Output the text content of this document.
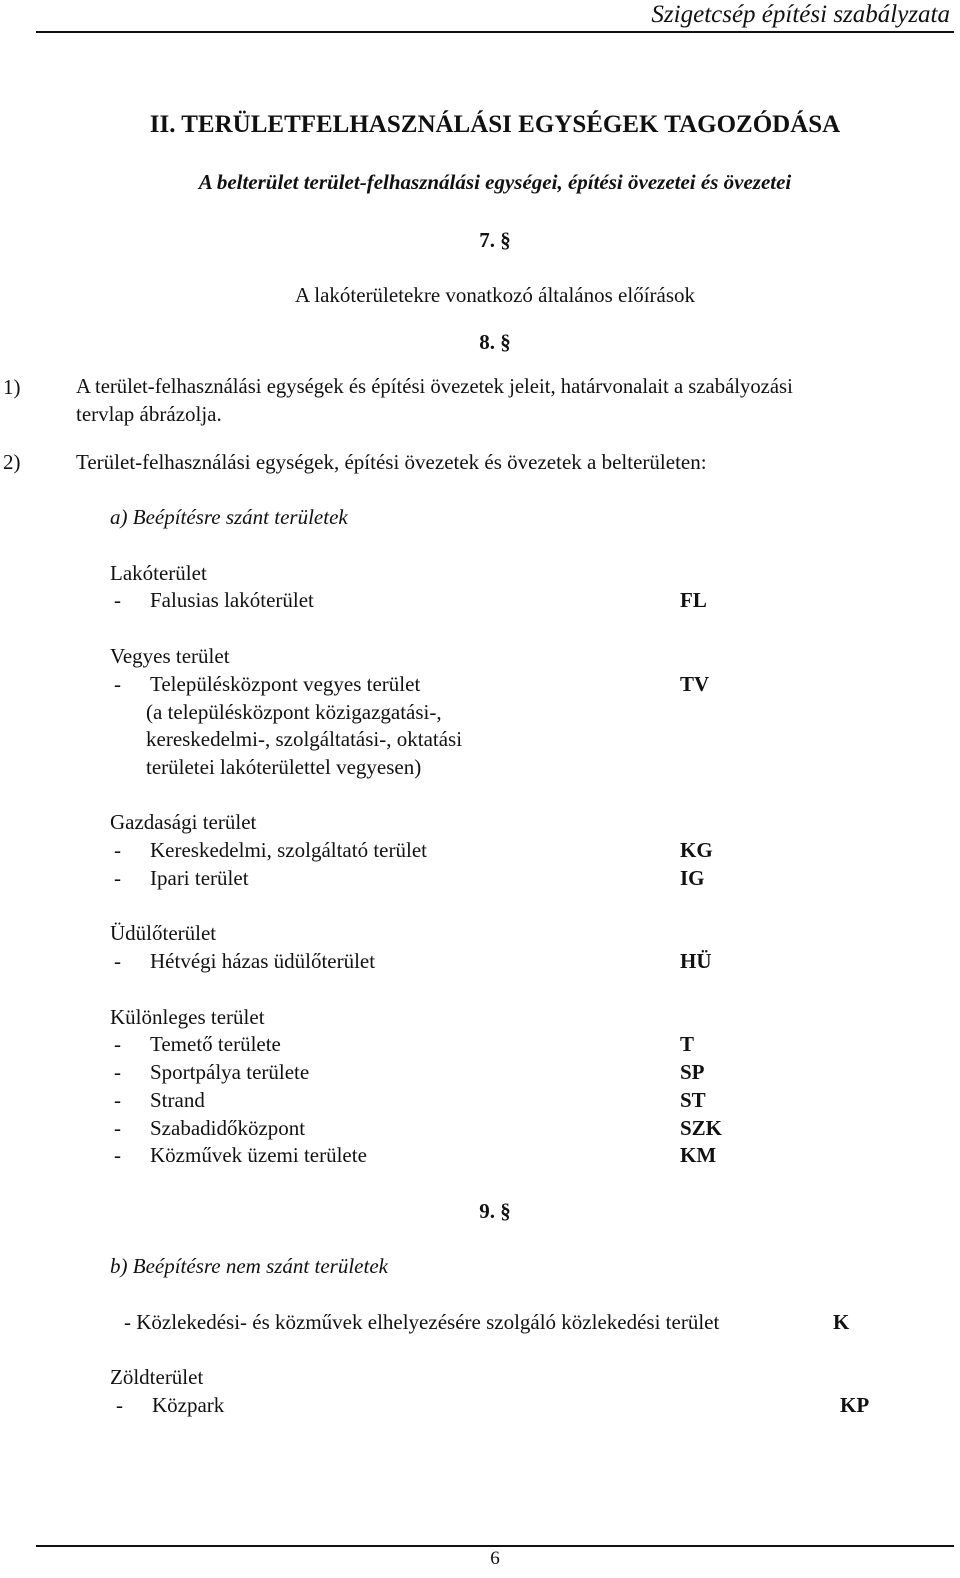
Szigetcsép építési szabályzata
II. TERÜLETFELHASZNÁLÁSI EGYSÉGEK TAGOZÓDÁSA
A belterület terület-felhasználási egységei, építési övezetei és övezetei
7. §
A lakóterületekre vonatkozó általános előírások
8. §
1)	A terület-felhasználási egységek és építési övezetek jeleit, határvonalait a szabályozási
tervlap ábrázolja.
2)	Terület-felhasználási egységek, építési övezetek és övezetek a belterületen:
a) Beépítésre szánt területek
Lakóterület
- Falusias lakóterület	FL
Vegyes terület
- Településközpont vegyes terület	TV
(a településközpont közigazgatási-,
kereskedelmi-, szolgáltatási-, oktatási
területei lakóterülettel vegyesen)
Gazdasági terület
- Kereskedelmi, szolgáltató terület	KG
- Ipari terület	IG
Üdülőterület
- Hétvégi házas üdülőterület	HÜ
Különleges terület
- Temető területe	T
- Sportpálya területe	SP
- Strand	ST
- Szabadidőközpont	SZK
- Közművek üzemi területe	KM
9. §
b) Beépítésre nem szánt területek
- Közlekedési- és közművek elhelyezésére szolgáló közlekedési terület	K
Zöldterület
- Közpark	KP
6
